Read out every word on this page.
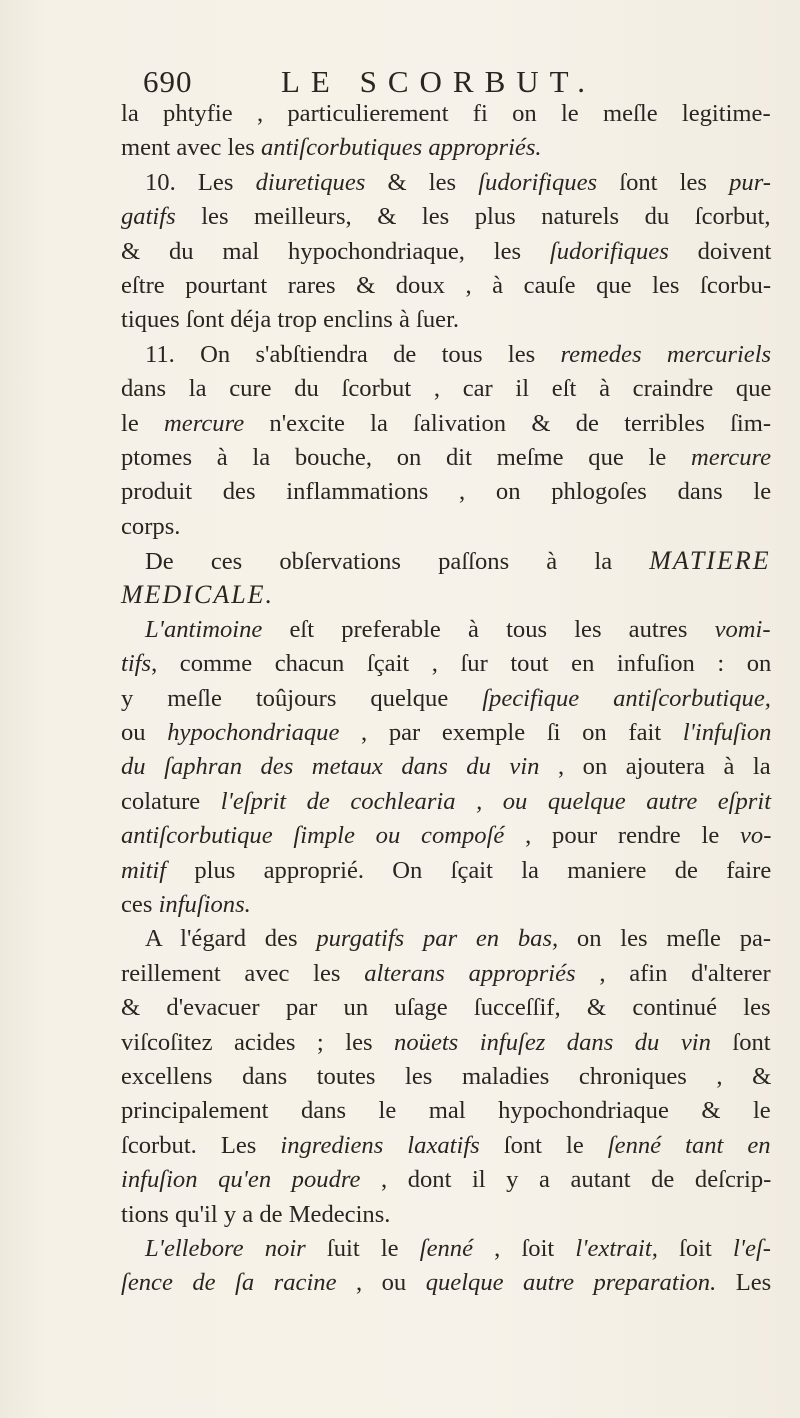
690	LE SCORBUT.
la phtyfie , particulierement fi on le meſle legitime-
ment avec les antiſcorbutiques appropriés.
10. Les diuretiques & les ſudorifiques ſont les pur-
gatifs les meilleurs, & les plus naturels du ſcorbut,
& du mal hypochondriaque, les ſudorifiques doivent
eſtre pourtant rares & doux , à cauſe que les ſcorbu-
tiques ſont déja trop enclins à ſuer.
11. On s'abſtiendra de tous les remedes mercuriels
dans la cure du ſcorbut , car il eſt à craindre que
le mercure n'excite la ſalivation & de terribles ſim-
ptomes à la bouche, on dit meſme que le mercure
produit des inflammations , on phlogoſes dans le
corps.
De ces obſervations paſſons à la MATIERE
MEDICALE.
L'antimoine eſt preferable à tous les autres vomi-
tifs, comme chacun ſçait , ſur tout en infuſion : on
y meſle toûjours quelque ſpecifique antiſcorbutique,
ou hypochondriaque , par exemple ſi on fait l'infuſion
du ſaphran des metaux dans du vin , on ajoutera à la
colature l'eſprit de cochlearia , ou quelque autre eſprit
antiſcorbutique ſimple ou compoſé , pour rendre le vo-
mitif plus approprié. On ſçait la maniere de faire
ces infuſions.
A l'égard des purgatifs par en bas, on les meſle pa-
reillement avec les alterans appropriés , afin d'alterer
& d'evacuer par un uſage ſucceſſif, & continué les
viſcoſitez acides ; les noüets infuſez dans du vin ſont
excellens dans toutes les maladies chroniques , &
principalement dans le mal hypochondriaque & le
ſcorbut. Les ingrediens laxatifs ſont le ſenné tant en
infuſion qu'en poudre , dont il y a autant de deſcrip-
tions qu'il y a de Medecins.
L'ellebore noir ſuit le ſenné , ſoit l'extrait, ſoit l'eſ-
ſence de ſa racine , ou quelque autre preparation. Les
